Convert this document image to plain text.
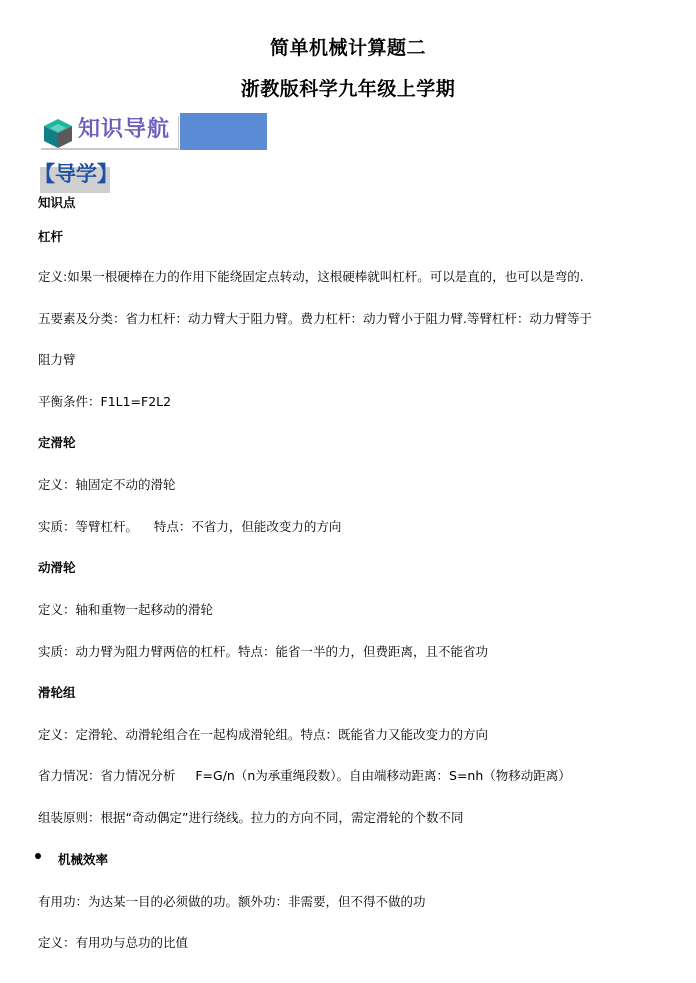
简单机械计算题二
浙教版科学九年级上学期
知识导航
【导学】
知识点
杠杆
定义:如果一根硬棒在力的作用下能绕固定点转动，这根硬棒就叫杠杆。可以是直的，也可以是弯的.
五要素及分类：省力杠杆：动力臂大于阻力臂。费力杠杆：动力臂小于阻力臂.等臂杠杆：动力臂等于
阻力臂
平衡条件：F1L1=F2L2
定滑轮
定义：轴固定不动的滑轮
实质：等臂杠杆。    特点：不省力，但能改变力的方向
动滑轮
定义：轴和重物一起移动的滑轮
实质：动力臂为阻力臂两倍的杠杆。特点：能省一半的力，但费距离，且不能省功
滑轮组
定义：定滑轮、动滑轮组合在一起构成滑轮组。特点：既能省力又能改变力的方向
省力情况：省力情况分析     F=G/n（n为承重绳段数）。自由端移动距离：S=nh（物移动距离）
组装原则：根据“奇动偶定”进行绕线。拉力的方向不同，需定滑轮的个数不同
机械效率
有用功：为达某一目的必须做的功。额外功：非需要，但不得不做的功
定义：有用功与总功的比值
